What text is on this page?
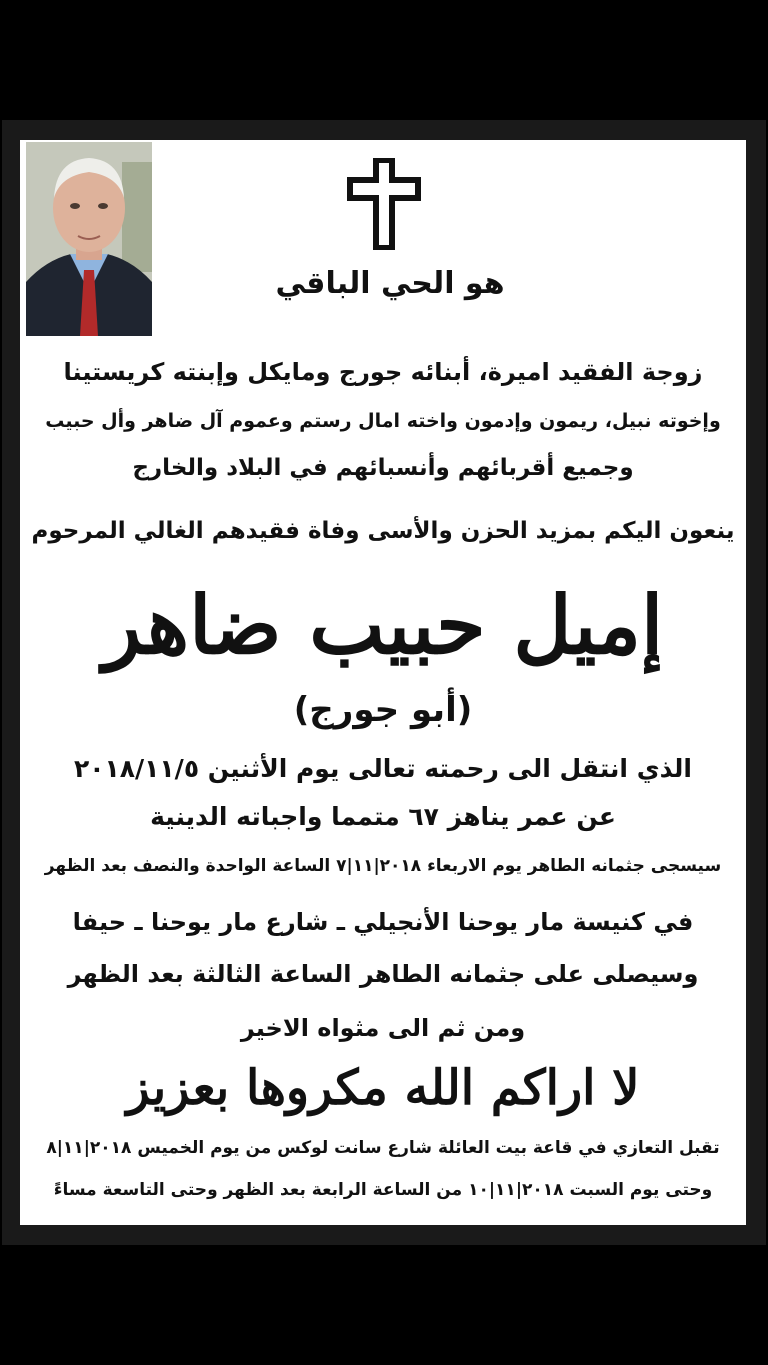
هو الحي الباقي
زوجة الفقيد اميرة، أبنائه جورج ومايكل وإبنته كريستينا
وإخوته نبيل، ريمون وإدمون واخته امال رستم وعموم آل ضاهر وأل حبيب
وجميع أقربائهم وأنسبائهم في البلاد والخارج
ينعون اليكم بمزيد الحزن والأسى وفاة فقيدهم الغالي المرحوم
إميل حبيب ضاهر
(أبو جورج)
الذي انتقل الى رحمته تعالى يوم الأثنين ٢٠١٨/١١/٥
عن عمر يناهز ٦٧ متمما واجباته الدينية
سيسجى جثمانه الطاهر يوم الاربعاء ٢٠١٨|١١|٧ الساعة الواحدة والنصف بعد الظهر
في كنيسة مار يوحنا الأنجيلي ـ شارع مار يوحنا ـ حيفا
وسيصلى على جثمانه الطاهر الساعة الثالثة بعد الظهر
ومن ثم الى مثواه الاخير
لا اراكم الله مكروها بعزيز
تقبل التعازي في قاعة بيت العائلة شارع سانت لوكس من يوم الخميس ٢٠١٨|١١|٨
وحتى يوم السبت ٢٠١٨|١١|١٠ من الساعة الرابعة بعد الظهر وحتى التاسعة مساءً
